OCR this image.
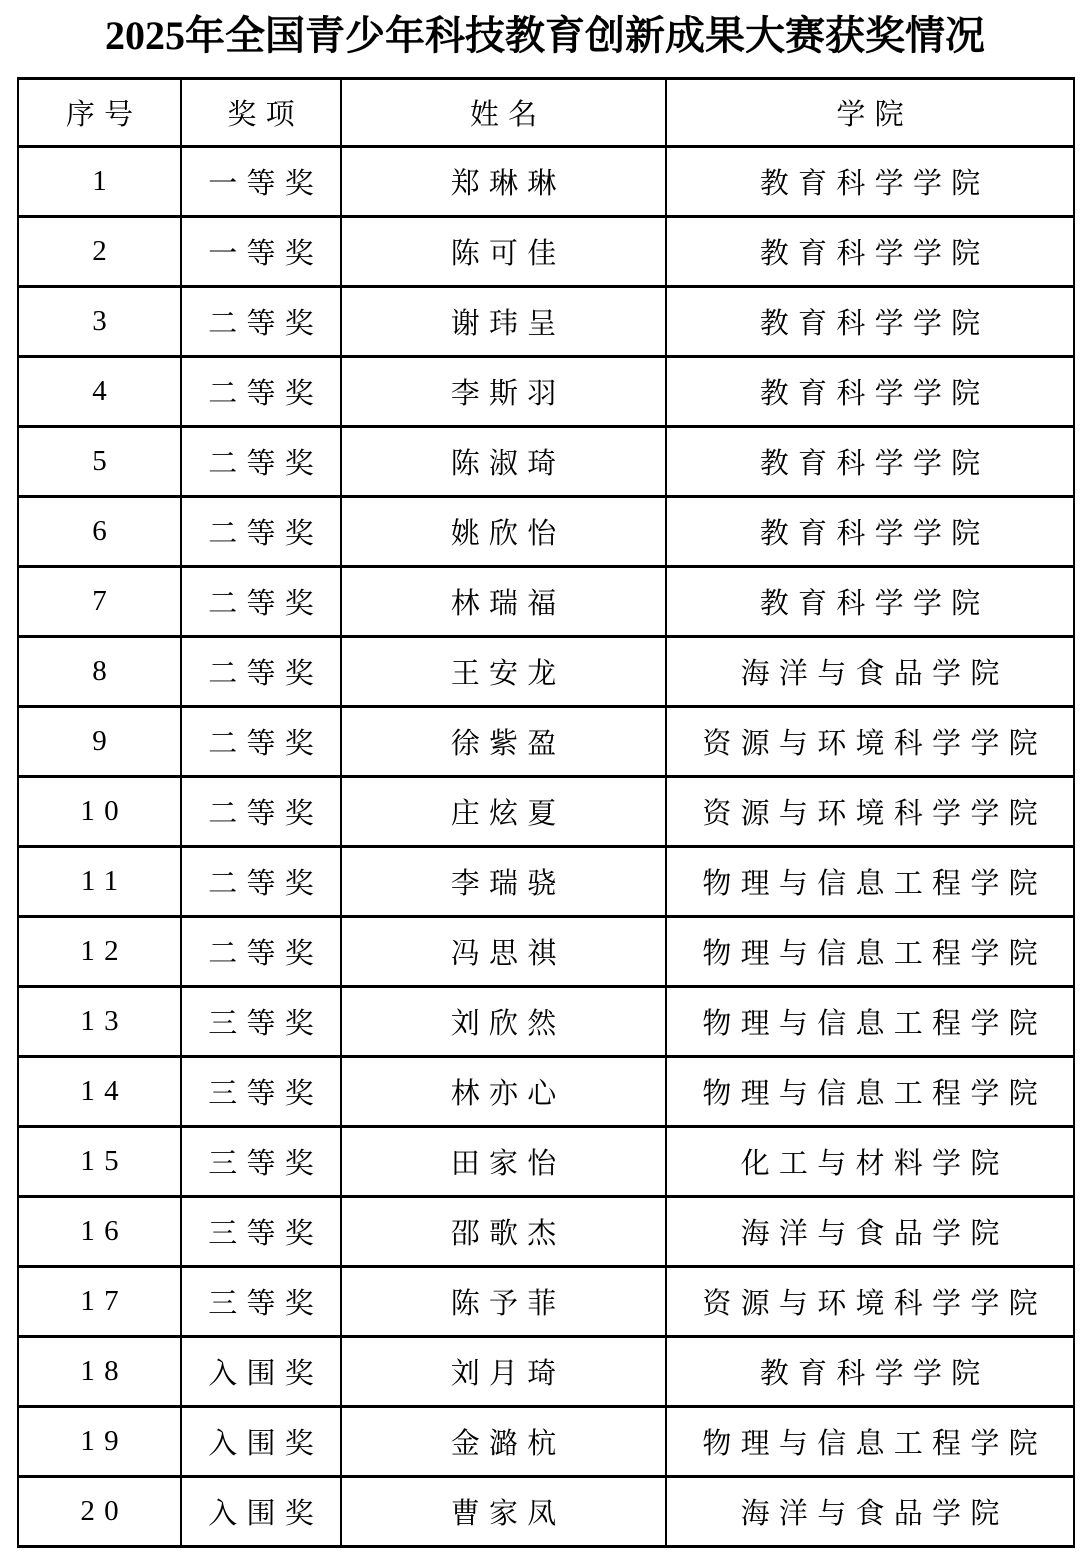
2025年全国青少年科技教育创新成果大赛获奖情况
序号	奖项	姓名	学院
1	一等奖	郑琳琳	教育科学学院
2	一等奖	陈可佳	教育科学学院
3	二等奖	谢玮呈	教育科学学院
4	二等奖	李斯羽	教育科学学院
5	二等奖	陈淑琦	教育科学学院
6	二等奖	姚欣怡	教育科学学院
7	二等奖	林瑞福	教育科学学院
8	二等奖	王安龙	海洋与食品学院
9	二等奖	徐紫盈	资源与环境科学学院
10	二等奖	庄炫夏	资源与环境科学学院
11	二等奖	李瑞骁	物理与信息工程学院
12	二等奖	冯思祺	物理与信息工程学院
13	三等奖	刘欣然	物理与信息工程学院
14	三等奖	林亦心	物理与信息工程学院
15	三等奖	田家怡	化工与材料学院
16	三等奖	邵歌杰	海洋与食品学院
17	三等奖	陈予菲	资源与环境科学学院
18	入围奖	刘月琦	教育科学学院
19	入围奖	金潞杭	物理与信息工程学院
20	入围奖	曹家凤	海洋与食品学院
